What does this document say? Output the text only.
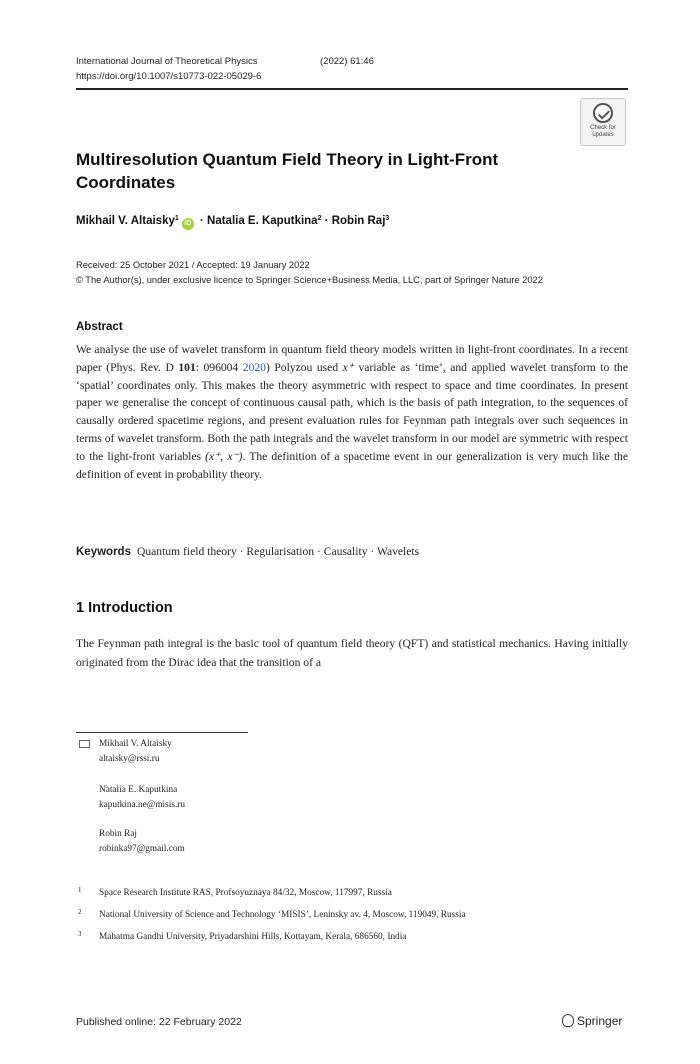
International Journal of Theoretical Physics	(2022) 61:46
https://doi.org/10.1007/s10773-022-05029-6
Check for
updates
Multiresolution Quantum Field Theory in Light-Front Coordinates
Mikhail V. Altaisky$^1$iD · Natalia E. Kaputkina$^2$ · Robin Raj$^3$
Received: 25 October 2021 / Accepted: 19 January 2022
© The Author(s), under exclusive licence to Springer Science+Business Media, LLC, part of Springer Nature 2022
Abstract
We analyse the use of wavelet transform in quantum field theory models written in light-front coordinates. In a recent paper (Phys. Rev. D 101: 096004 2020) Polyzou used x⁺ variable as ‘time’, and applied wavelet transform to the ‘spatial’ coordinates only. This makes the theory asymmetric with respect to space and time coordinates. In present paper we generalise the concept of continuous causal path, which is the basis of path integration, to the sequences of causally ordered spacetime regions, and present evaluation rules for Feynman path integrals over such sequences in terms of wavelet transform. Both the path integrals and the wavelet transform in our model are symmetric with respect to the light-front variables (x⁺, x⁻). The definition of a spacetime event in our generalization is very much like the definition of event in probability theory.
Keywords Quantum field theory · Regularisation · Causality · Wavelets
1 Introduction
The Feynman path integral is the basic tool of quantum field theory (QFT) and statistical mechanics. Having initially originated from the Dirac idea that the transition of a
Mikhail V. Altaisky
altaisky@rssi.ru
Natalia E. Kaputkina
kaputkina.ne@misis.ru
Robin Raj
robinka97@gmail.com
1 Space Research Institute RAS, Profsoyuznaya 84/32, Moscow, 117997, Russia
2 National University of Science and Technology ‘MISIS’, Leninsky av. 4, Moscow, 119049, Russia
3 Mahatma Gandhi University, Priyadarshini Hills, Kottayam, Kerala, 686560, India
Published online: 22 February 2022	Springer
